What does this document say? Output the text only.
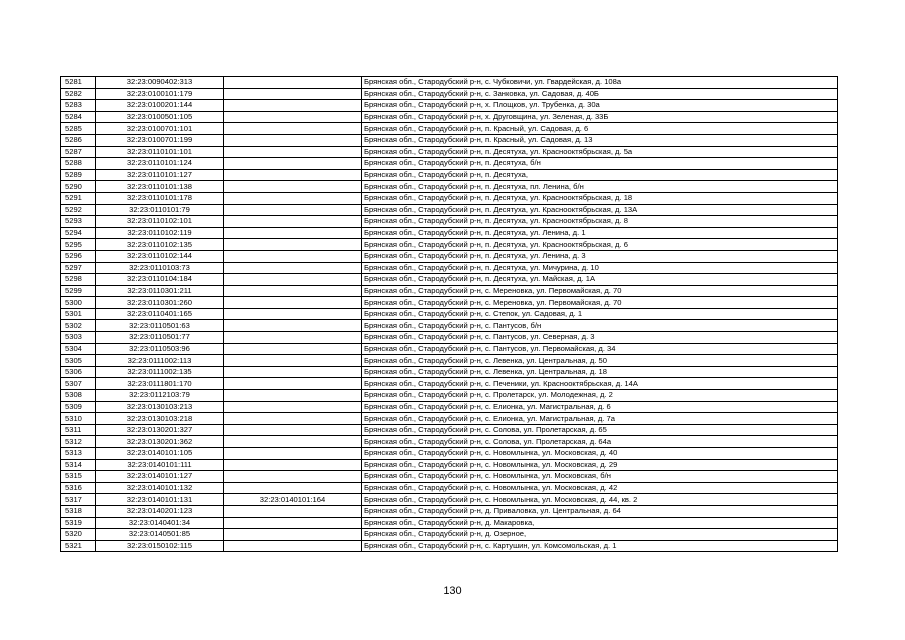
5281	32:23:0090402:313		Брянская обл., Стародубский р-н, с. Чубковичи, ул. Гвардейская, д. 108а
5282	32:23:0100101:179		Брянская обл., Стародубский р-н, с. Занковка, ул. Садовая, д. 40Б
5283	32:23:0100201:144		Брянская обл., Стародубский р-н, х. Площков, ул. Трубенка, д. 30а
5284	32:23:0100501:105		Брянская обл., Стародубский р-н, х. Друговщина, ул. Зеленая, д. 33Б
5285	32:23:0100701:101		Брянская обл., Стародубский р-н, п. Красный, ул. Садовая, д. 6
5286	32:23:0100701:199		Брянская обл., Стародубский р-н, п. Красный, ул. Садовая, д. 13
5287	32:23:0110101:101		Брянская обл., Стародубский р-н, п. Десятуха, ул. Краснооктябрьская, д. 5а
5288	32:23:0110101:124		Брянская обл., Стародубский р-н, п. Десятуха, б/н
5289	32:23:0110101:127		Брянская обл., Стародубский р-н, п. Десятуха,
5290	32:23:0110101:138		Брянская обл., Стародубский р-н, п. Десятуха, пл. Ленина, б/н
5291	32:23:0110101:178		Брянская обл., Стародубский р-н, п. Десятуха, ул. Краснооктябрьская, д. 18
5292	32:23:0110101:79		Брянская обл., Стародубский р-н, п. Десятуха, ул. Краснооктябрьская, д. 13А
5293	32:23:0110102:101		Брянская обл., Стародубский р-н, п. Десятуха, ул. Краснооктябрьская, д. 8
5294	32:23:0110102:119		Брянская обл., Стародубский р-н, п. Десятуха, ул. Ленина, д. 1
5295	32:23:0110102:135		Брянская обл., Стародубский р-н, п. Десятуха, ул. Краснооктябрьская, д. 6
5296	32:23:0110102:144		Брянская обл., Стародубский р-н, п. Десятуха, ул. Ленина, д. 3
5297	32:23:0110103:73		Брянская обл., Стародубский р-н, п. Десятуха, ул. Мичурина, д. 10
5298	32:23:0110104:184		Брянская обл., Стародубский р-н, п. Десятуха, ул. Майская, д. 1А
5299	32:23:0110301:211		Брянская обл., Стародубский р-н, с. Мереновка, ул. Первомайская, д. 70
5300	32:23:0110301:260		Брянская обл., Стародубский р-н, с. Мереновка, ул. Первомайская, д. 70
5301	32:23:0110401:165		Брянская обл., Стародубский р-н, с. Степок, ул. Садовая, д. 1
5302	32:23:0110501:63		Брянская обл., Стародубский р-н, с. Пантусов, б/н
5303	32:23:0110501:77		Брянская обл., Стародубский р-н, с. Пантусов, ул. Северная, д. 3
5304	32:23:0110503:96		Брянская обл., Стародубский р-н, с. Пантусов, ул. Первомайская, д. 34
5305	32:23:0111002:113		Брянская обл., Стародубский р-н, с. Левенка, ул. Центральная, д. 50
5306	32:23:0111002:135		Брянская обл., Стародубский р-н, с. Левенка, ул. Центральная, д. 18
5307	32:23:0111801:170		Брянская обл., Стародубский р-н, с. Печеники, ул. Краснооктябрьская, д. 14А
5308	32:23:0112103:79		Брянская обл., Стародубский р-н, с. Пролетарск, ул. Молодежная, д. 2
5309	32:23:0130103:213		Брянская обл., Стародубский р-н, с. Елионка, ул. Магистральная, д. 6
5310	32:23:0130103:218		Брянская обл., Стародубский р-н, с. Елионка, ул. Магистральная, д. 7а
5311	32:23:0130201:327		Брянская обл., Стародубский р-н, с. Солова, ул. Пролетарская, д. 65
5312	32:23:0130201:362		Брянская обл., Стародубский р-н, с. Солова, ул. Пролетарская, д. 64а
5313	32:23:0140101:105		Брянская обл., Стародубский р-н, с. Новомлынка, ул. Московская, д. 40
5314	32:23:0140101:111		Брянская обл., Стародубский р-н, с. Новомлынка, ул. Московская, д. 29
5315	32:23:0140101:127		Брянская обл., Стародубский р-н, с. Новомлынка, ул. Московская, б/н
5316	32:23:0140101:132		Брянская обл., Стародубский р-н, с. Новомлынка, ул. Московская, д. 42
5317	32:23:0140101:131	32:23:0140101:164	Брянская обл., Стародубский р-н, с. Новомлынка, ул. Московская, д. 44, кв. 2
5318	32:23:0140201:123		Брянская обл., Стародубский р-н, д. Приваловка, ул. Центральная, д. 64
5319	32:23:0140401:34		Брянская обл., Стародубский р-н, д. Макаровка,
5320	32:23:0140501:85		Брянская обл., Стародубский р-н, д. Озерное,
5321	32:23:0150102:115		Брянская обл., Стародубский р-н, с. Картушин, ул. Комсомольская, д. 1
130
